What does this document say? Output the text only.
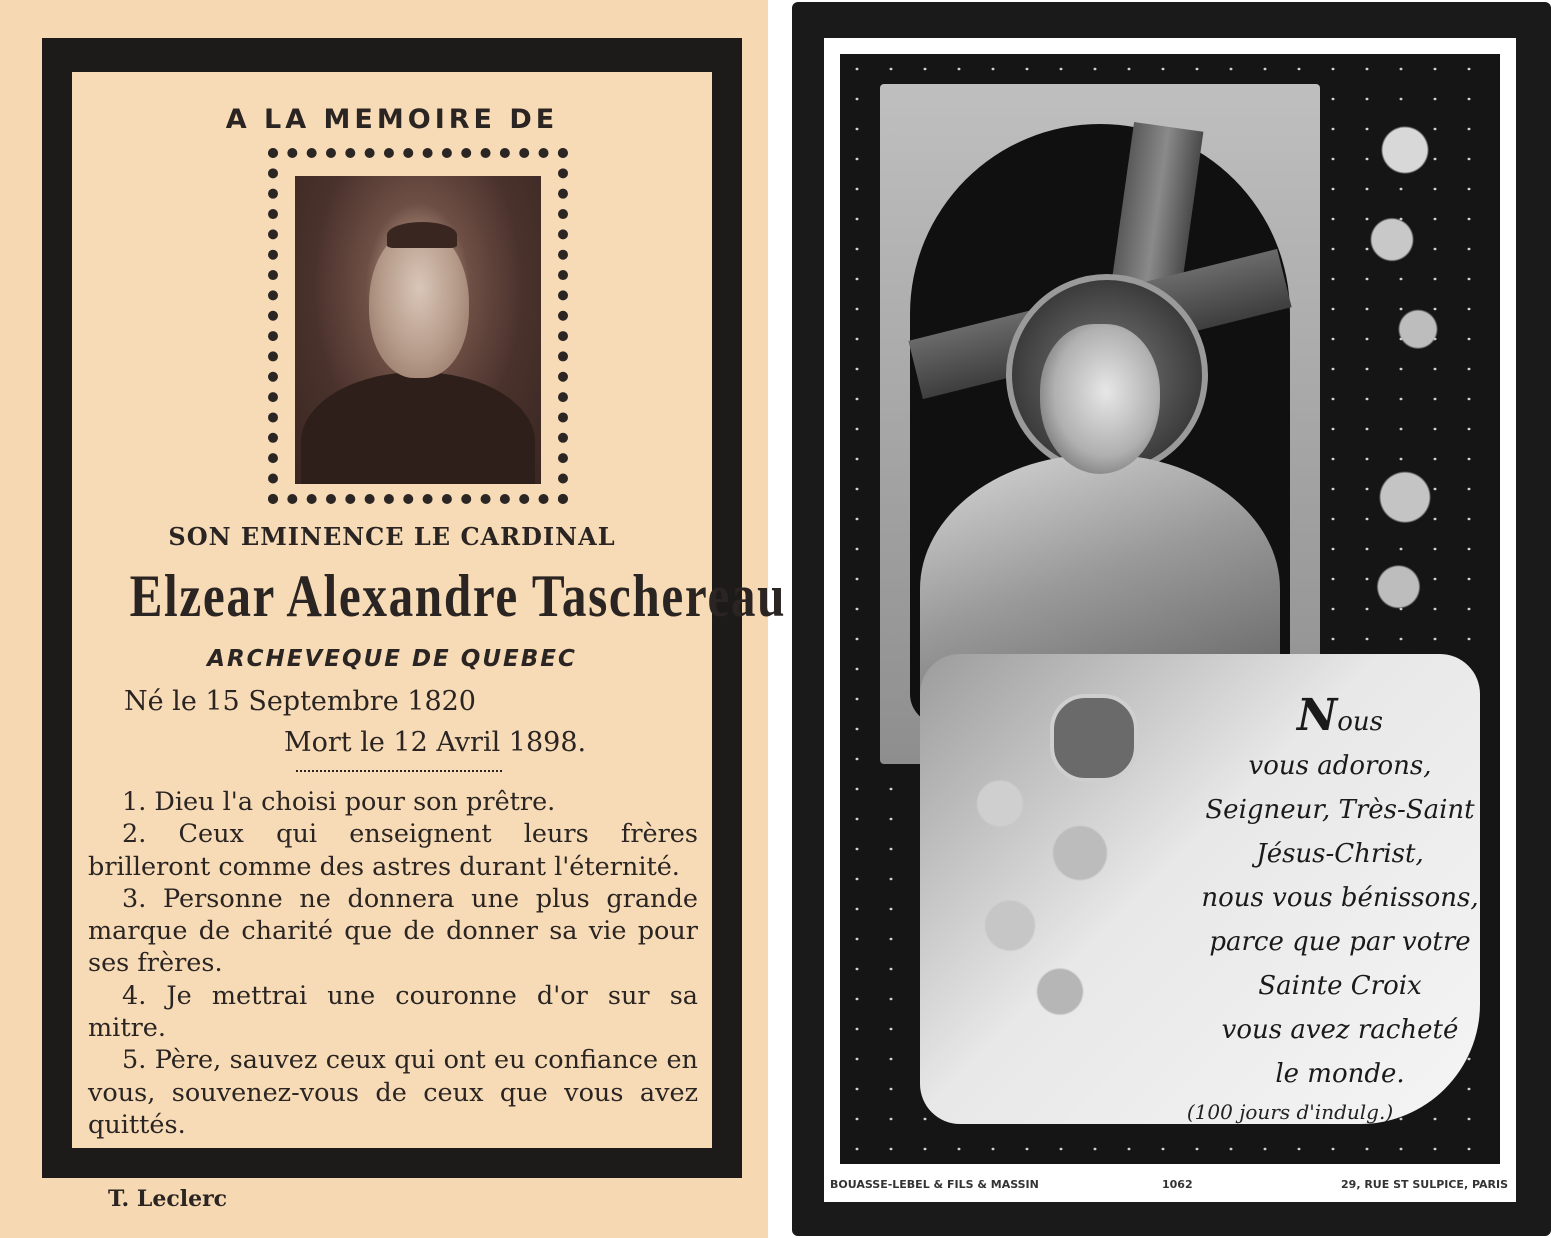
A LA MEMOIRE DE
SON EMINENCE LE CARDINAL
Elzear Alexandre Taschereau
ARCHEVEQUE DE QUEBEC
Né le 15 Septembre 1820
Mort le 12 Avril 1898.

1. Dieu l'a choisi pour son prêtre.

2. Ceux qui enseignent leurs frères brilleront comme des astres durant l'éternité.

3. Personne ne donnera une plus grande marque de charité que de donner sa vie pour ses frères.

4. Je mettrai une couronne d'or sur sa mitre.

5. Père, sauvez ceux qui ont eu confiance en vous, souvenez-vous de ceux que vous avez quittés.

T. Leclerc
Nous
vous adorons,
Seigneur, Très-Saint
Jésus-Christ,
nous vous bénissons,
parce que par votre
Sainte Croix
vous avez racheté
le monde.
(100 jours d'indulg.)
BOUASSE-LEBEL & FILS & MASSIN	1062	29, RUE ST SULPICE, PARIS
